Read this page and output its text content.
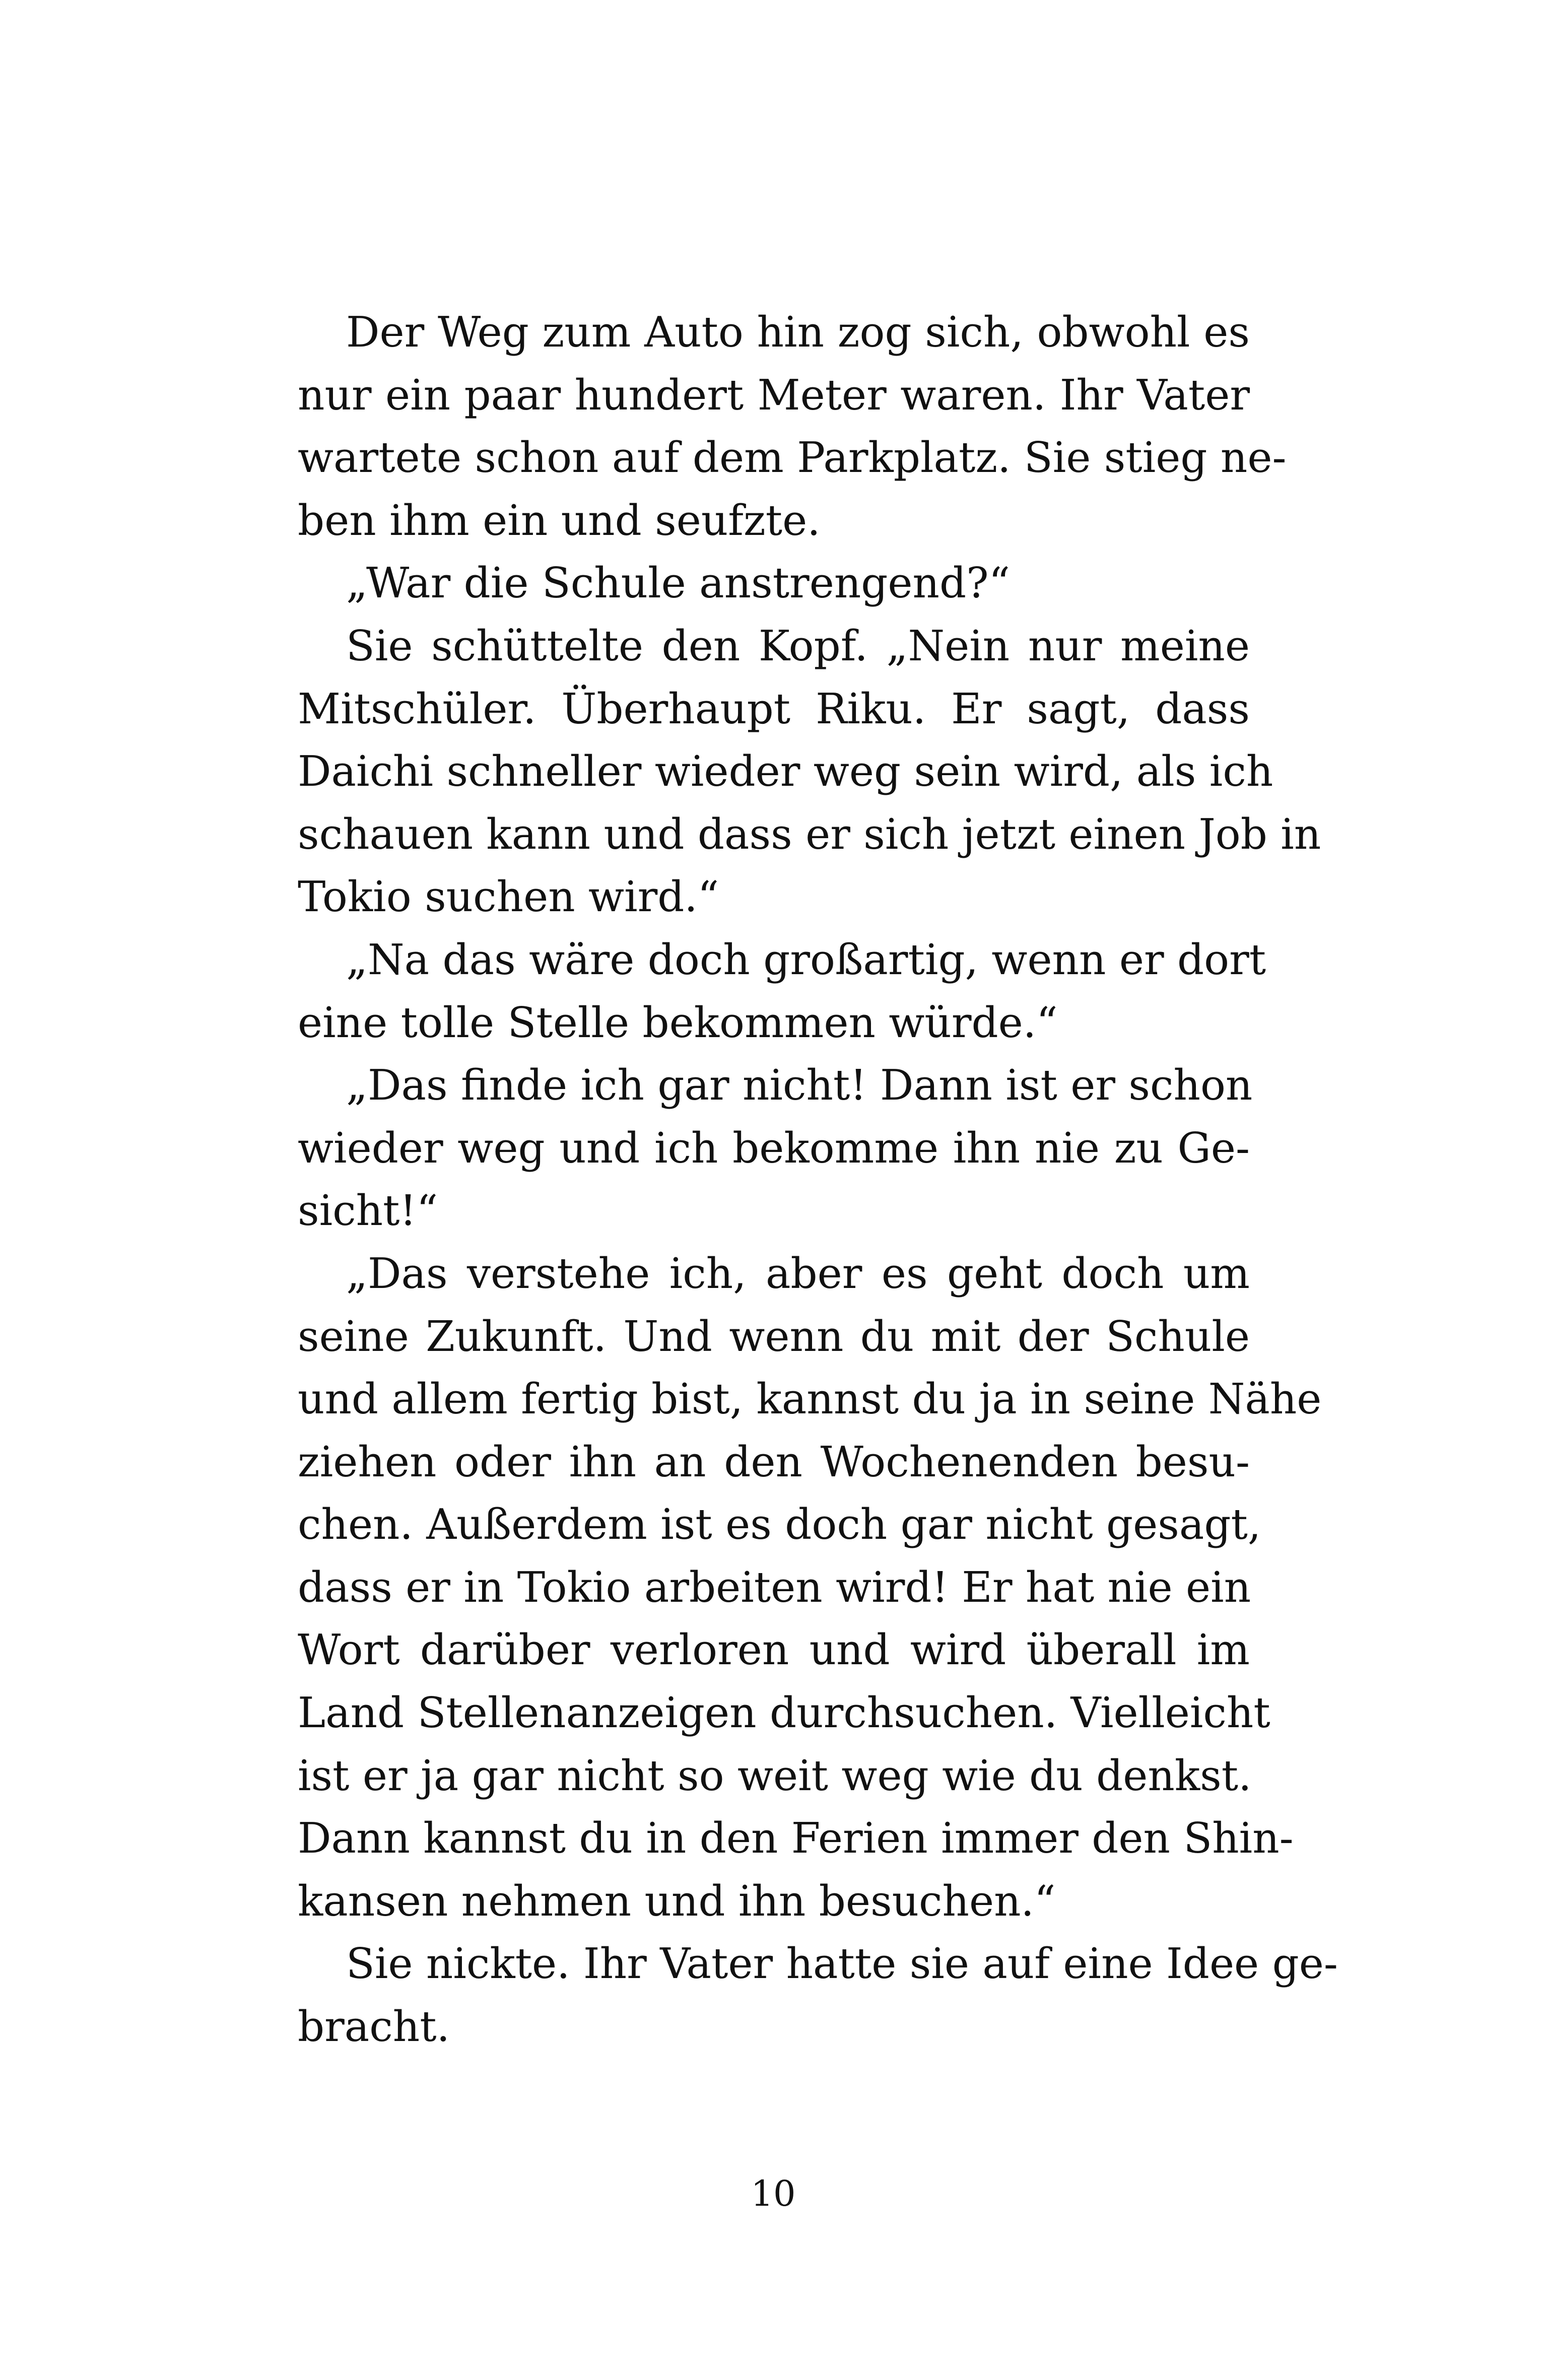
Der Weg zum Auto hin zog sich, obwohl es
nur ein paar hundert Meter waren. Ihr Vater
wartete schon auf dem Parkplatz. Sie stieg ne-
ben ihm ein und seufzte.
„War die Schule anstrengend?“
Sie schüttelte den Kopf. „Nein nur meine
Mitschüler. Überhaupt Riku. Er sagt, dass
Daichi schneller wieder weg sein wird, als ich
schauen kann und dass er sich jetzt einen Job in
Tokio suchen wird.“
„Na das wäre doch großartig, wenn er dort
eine tolle Stelle bekommen würde.“
„Das finde ich gar nicht! Dann ist er schon
wieder weg und ich bekomme ihn nie zu Ge-
sicht!“
„Das verstehe ich, aber es geht doch um
seine Zukunft. Und wenn du mit der Schule
und allem fertig bist, kannst du ja in seine Nähe
ziehen oder ihn an den Wochenenden besu-
chen. Außerdem ist es doch gar nicht gesagt,
dass er in Tokio arbeiten wird! Er hat nie ein
Wort darüber verloren und wird überall im
Land Stellenanzeigen durchsuchen. Vielleicht
ist er ja gar nicht so weit weg wie du denkst.
Dann kannst du in den Ferien immer den Shin-
kansen nehmen und ihn besuchen.“
Sie nickte. Ihr Vater hatte sie auf eine Idee ge-
bracht.
10
